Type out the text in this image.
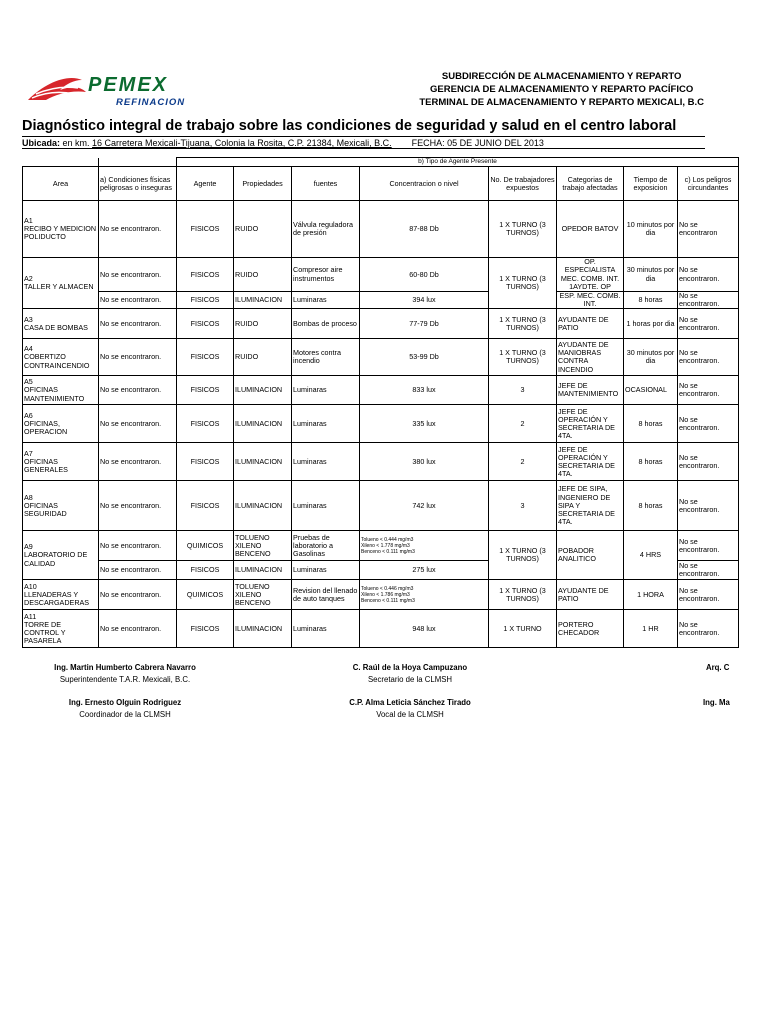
PEMEX
REFINACION
SUBDIRECCIÓN DE ALMACENAMIENTO Y REPARTO
GERENCIA DE ALMACENAMIENTO Y REPARTO PACÍFICO
TERMINAL DE ALMACENAMIENTO Y REPARTO MEXICALI, B.C
Diagnóstico integral de trabajo sobre las condiciones de seguridad y salud en el centro laboral
Ubicada: en km. 16 Carretera Mexicali-Tijuana, Colonia la Rosita, C.P. 21384, Mexicali, B.C. FECHA: 05 DE JUNIO DEL 2013
		b) Tipo de Agente Presente							
Area	a) Condiciones físicas peligrosas o inseguras	Agente	Propiedades	fuentes	Concentracion o nivel	No. De trabajadores expuestos	Categorias de trabajo afectadas	Tiempo de exposicion	c) Los peligros circundantes
A1
RECIBO Y MEDICION POLIDUCTO	No se encontraron.	FISICOS	RUIDO	Válvula reguladora de presión	87-88 Db	1 X TURNO (3 TURNOS)	OPEDOR BATOV	10 minutos por dia	No se encontraron
A2
TALLER Y ALMACEN	No se encontraron.	FISICOS	RUIDO	Compresor aire instrumentos	60-80 Db	1 X TURNO (3 TURNOS)	OP. ESPECIALISTA MEC. COMB. INT. 1AYDTE. OP	30 minutos por dia	No se encontraron.
	No se encontraron.	FISICOS	ILUMINACION	Luminaras	394 lux		ESP. MEC. COMB. INT.	8 horas	No se encontraron.
A3
CASA DE BOMBAS	No se encontraron.	FISICOS	RUIDO	Bombas de proceso	77-79 Db	1 X TURNO (3 TURNOS)	AYUDANTE DE PATIO	1 horas por dia	No se encontraron.
A4
COBERTIZO CONTRAINCENDIO	No se encontraron.	FISICOS	RUIDO	Motores contra incendio	53-99 Db	1 X TURNO (3 TURNOS)	AYUDANTE DE MANIOBRAS CONTRA INCENDIO	30 minutos por dia	No se encontraron.
A5
OFICINAS MANTENIMIENTO	No se encontraron.	FISICOS	ILUMINACION	Luminaras	833 lux	3	JEFE DE MANTENIMIENTO	OCASIONAL	No se encontraron.
A6
OFICINAS, OPERACION	No se encontraron.	FISICOS	ILUMINACION	Luminaras	335 lux	2	JEFE DE OPERACIÓN Y SECRETARIA DE 4TA.	8 horas	No se encontraron.
A7
OFICINAS GENERALES	No se encontraron.	FISICOS	ILUMINACION	Luminaras	380 lux	2	JEFE DE OPERACIÓN Y SECRETARIA DE 4TA.	8 horas	No se encontraron.
A8
OFICINAS SEGURIDAD	No se encontraron.	FISICOS	ILUMINACION	Luminaras	742 lux	3	JEFE DE SIPA, INGENIERO DE SIPA Y SECRETARIA DE 4TA.	8 horas	No se encontraron.
A9
LABORATORIO DE CALIDAD	No se encontraron.	QUIMICOS	TOLUENO XILENO BENCENO	Pruebas de laboratorio a Gasolinas	Tolueno < 0.444 mg/m3
Xileno < 1.778 mg/m3
Benceno < 0.111 mg/m3	1 X TURNO (3 TURNOS)	POBADOR ANALITICO	4 HRS	No se encontraron.
	No se encontraron.	FISICOS	ILUMINACION	Luminaras	275 lux				No se encontraron.
A10
LLENADERAS Y DESCARGADERAS	No se encontraron.	QUIMICOS	TOLUENO XILENO BENCENO	Revision del llenado de auto tanques	Tolueno < 0.446 mg/m3
Xileno < 1.786 mg/m3
Benceno < 0.111 mg/m3	1 X TURNO (3 TURNOS)	AYUDANTE DE PATIO	1 HORA	No se encontraron.
A11
TORRE DE CONTROL Y PASARELA	No se encontraron.	FISICOS	ILUMINACION	Luminaras	948 lux	1 X TURNO	PORTERO CHECADOR	1 HR	No se encontraron.
Ing. Martin Humberto Cabrera Navarro
Superintendente T.A.R. Mexicali, B.C.
C. Raúl de la Hoya Campuzano
Secretario de la CLMSH
Arq. C
Ing. Ernesto Olguin Rodriguez
Coordinador de la CLMSH
C.P. Alma Leticia Sánchez Tirado
Vocal de la CLMSH
Ing. Ma
